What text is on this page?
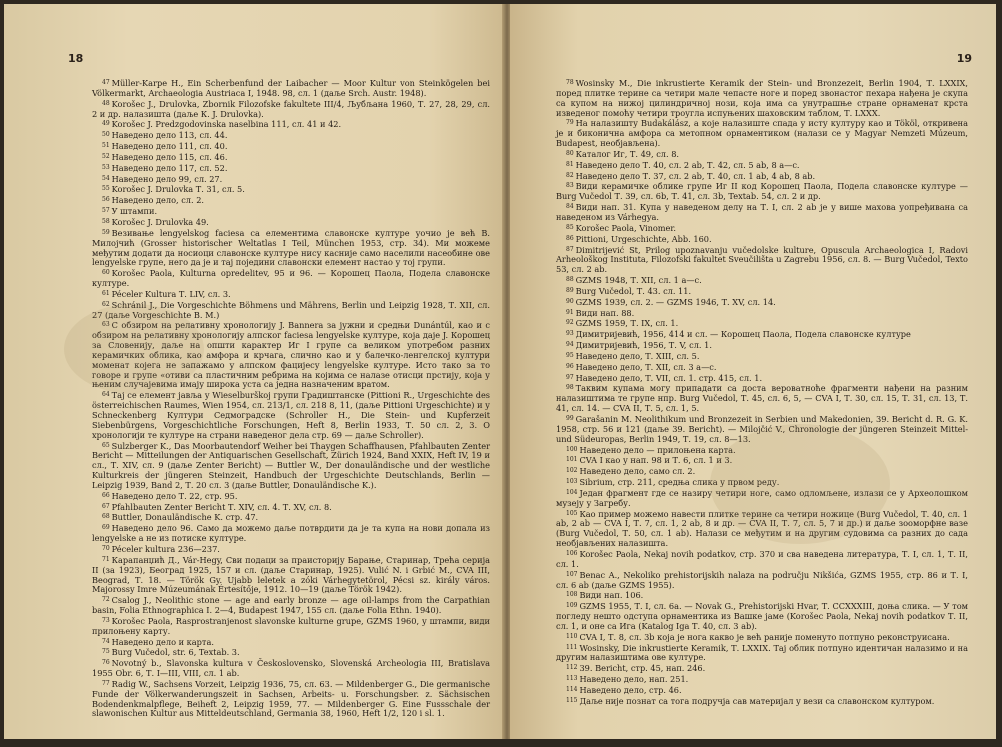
18

$^{47}$ Müller-Karpe H., Ein Scherbenfund der Laibacher — Moor Kultur von Steinkögelen bei Völkermarkt, Archaeologia Austriaca I, 1948. 98, сл. 1 (даље Srch. Austr. 1948).

$^{48}$ Korošec J., Drulovka, Zbornik Filozofske fakultete III/4, Љубљана 1960, Т. 27, 28, 29, сл. 2 и др. налазишта (даље К. J. Drulovka).

$^{49}$ Korošec J. Predzgodovinska naselbina 111, сл. 41 и 42.

$^{50}$ Наведено дело 113, сл. 44.

$^{51}$ Наведено дело 111, сл. 40.

$^{52}$ Наведено дело 115, сл. 46.

$^{53}$ Наведено дело 117, сл. 52.

$^{54}$ Наведено дело 99, сл. 27.

$^{55}$ Korošec J. Drulovka Т. 31, сл. 5.

$^{56}$ Наведено дело, сл. 2.

$^{57}$ У штампи.

$^{58}$ Korošec J. Drulovka 49.

$^{59}$ Везивање lengyelskog faciesa са елементима славонске културе уочио је већ В. Милојчић (Grosser historischer Weltatlas I Teil, München 1953, стр. 34). Ми можеме међутим додати да носиоци славонске културе нису касније само населили насеобине ове lengyelske групе, него да је и тај поједини славонски елемент настао у тој групи.

$^{60}$ Korošec Paola, Kulturna opredelitev, 95 и 96. — Корошец Паола, Подела славонске културе.

$^{61}$ Péceler Kultura Т. LIV, сл. 3.

$^{62}$ Schránil J., Die Vorgeschichte Böhmens und Mährens, Berlin und Leipzig 1928, Т. XII, сл. 27 (даље Vorgeschichte В. M.)

$^{63}$ С обзиром на релативну хронологију J. Bannera за јужни и средњи Dunántúl, као и с обзиром на релативну хронологију алпског faciesa lengyelske културе, која даје J. Корошец за Словенију, даље на општи карактер Иг I групе са великом употребом разних керамичких облика, као амфора и крчага, слично као и у балечко-ленгелској култури моменат којега не запажамо у алпском фацијесу lengyelske културе. Исто тако за то говоре и групе «отиви са пластичним ребрима на којима се налазе отисци прстију, која у њеним случајевима имају широка уста са једна назначеним вратом.

$^{64}$ Тај се елемент јавља у Wieselburškoj групи Градиштанске (Pittioni R., Urgeschichte des österreichischen Raumes, Wien 1954, сл. 213/1, сл. 218 8, 11, (даље Pittioni Urgeschichte) и у Schneckenberg Култури Седмоградске (Schroller H., Die Stein- und Kupferzeit Siebenbürgens, Vorgeschichtliche Forschungen, Heft 8, Berlin 1933, Т. 50 сл. 2, 3. О хронологији те културе на страни наведеног дела стр. 69 — даље Schroller).

$^{65}$ Sulzberger K., Das Moorbautendorf Weiher bei Thaygen Schaffhausen, Pfahlbauten Zenter Bericht — Mitteilungen der Antiquarischen Gesellschaft, Zürich 1924, Band XXIX, Heft IV, 19 и сл., Т. XIV, сл. 9 (даље Zenter Bericht) — Buttler W., Der donauländische und der westliche Kulturkreis der jüngeren Steinzeit, Handbuch der Urgeschichte Deutschlands, Berlin — Leipzig 1939, Band 2, Т. 20 сл. 3 (даље Buttler, Donauländische K.).

$^{66}$ Наведено дело Т. 22, стр. 95.

$^{67}$ Pfahlbauten Zenter Bericht Т. XIV, сл. 4. Т. XV, сл. 8.

$^{68}$ Buttler, Donauländische K. стр. 47.

$^{69}$ Наведено дело 96. Само да можемо даље потврдити да је та купа на нови допала из lengyelske а не из потиске културе.

$^{70}$ Péceler kultura 236—237.

$^{71}$ Карапанџић Д., Vár-Hegy, Сви подаци за праисторију Барање, Старинар, Трећа серија II (за 1923), Београд 1925, 157 и сл. (даље Старинар, 1925). Vulić N. i Grbić M., CVA III, Beograd, Т. 18. — Török Gy. Ujabb leletek a zóki Várhegytetörol, Pécsi sz. király város. Majorossy Imre Múzeumának Értesítője, 1912. 10—19 (даље Török 1942).

$^{72}$ Csalog J., Neolithic stone — age and early bronze — age oil-lamps from the Carpathian basin, Folia Ethnographica I. 2—4, Budapest 1947, 155 сл. (даље Folia Ethn. 1940).

$^{73}$ Korošec Paola, Rasprostranjenost slavonske kulturne grupe, GZMS 1960, у штампи, види прилоњену карту.

$^{74}$ Наведено дело и карта.

$^{75}$ Burg Vučedol, str. 6, Textab. 3.

$^{76}$ Novotný b., Slavonska kultura v Československo, Slovenská Archeologia III, Bratislava 1955 Obr. 6, Т. I—III, VIII, сл. 1 ab.

$^{77}$ Radig W., Sachsens Vorzeit, Leipzig 1936, 75, сл. 63. — Mildenberger G., Die germanische Funde der Völkerwanderungszeit in Sachsen, Arbeits- u. Forschungsber. z. Sächsischen Bodendenkmalpflege, Beiheft 2, Leipzig 1959, 77. — Mildenberger G. Eine Fussschale der slawonischen Kultur aus Mitteldeutschland, Germania 38, 1960, Heft 1/2, 120 i sl. 1.

19

$^{78}$ Wosinsky M., Die inkrustierte Keramik der Stein- und Bronzezeit, Berlin 1904, Т. LXXIX, поред плитке терине са четири мале чепасте ноге и поред звонастог пехара нађена је скупа са купом на нижој цилиндричној нози, која има са унутрашње стране орнаменат крста изведеног помоћу четири троугла испуњених шаховским таблом, Т. LXXX.

$^{79}$ На налазишту Budakálász, а које налазиште спада у исту културу као и Tököl, откривена је и биконична амфора са метопном орнаментиком (налази се у Magyar Nemzeti Múzeum, Budapest, необјављена).

$^{80}$ Каталог Иг, Т. 49, сл. 8.

$^{81}$ Наведено дело Т. 40, сл. 2 ab, Т. 42, сл. 5 ab, 8 а—с.

$^{82}$ Наведено дело Т. 37, сл. 2 ab, Т. 40, сл. 1 ab, 4 ab, 8 ab.

$^{83}$ Види керамичке облике групе Иг II код Корошец Паола, Подела славонске културе — Burg Vučedol Т. 39, сл. 6b, Т. 41, сл. 3b, Textab. 54, сл. 2 и др.

$^{84}$ Види нап. 31. Купа у наведеном делу на Т. I, сл. 2 ab је у више махова уопређивана са наведеном из Várhegya.

$^{85}$ Korošec Paola, Vinomer.

$^{86}$ Pittioni, Urgeschichte, Abb. 160.

$^{87}$ Dimitrijević St, Prilog upoznavanju vučedolske kulture, Opuscula Archaeologica I, Radovi Arheološkog Instituta, Filozofski fakultet Sveučilišta u Zagrebu 1956, сл. 8. — Burg Vučedol, Texto 53, сл. 2 ab.

$^{88}$ GZMS 1948, Т. XII, сл. 1 а—с.

$^{89}$ Burg Vučedol, Т. 43. сл. 11.

$^{90}$ GZMS 1939, сл. 2. — GZMS 1946, Т. XV, сл. 14.

$^{91}$ Види нап. 88.

$^{92}$ GZMS 1959, Т. IX, сл. 1.

$^{93}$ Димитријевић, 1956, 414 и сл. — Корошец Паола, Подела славонске културе

$^{94}$ Димитријевић, 1956, Т. V, сл. 1.

$^{95}$ Наведено дело, Т. XIII, сл. 5.

$^{96}$ Наведено дело, Т. XII, сл. 3 а—с.

$^{97}$ Наведено дело, Т. VII, сл. 1. стр. 415, сл. 1.

$^{98}$ Таквим купама могу припадати са доста вероватноће фрагменти нађени на разним налазиштима те групе нпр. Burg Vučedol, Т. 45, сл. 6, 5, — CVA I, Т. 30, сл. 15, Т. 31, сл. 13, Т. 41, сл. 14. — CVA II, Т. 5, сл. 1, 5.

$^{99}$ Garašanin M. Neolithikum und Bronzezeit in Serbien und Makedonien, 39. Bericht d. R. G. K. 1958, стр. 56 и 121 (даље 39. Bericht). — Milojčić V., Chronologie der jüngeren Steinzeit Mittel- und Südeuropas, Berlin 1949, Т. 19, сл. 8—13.

$^{100}$ Наведено дело — прилоњена карта.

$^{101}$ CVA I као у нап. 98 и Т. 6, сл. 1 и 3.

$^{102}$ Наведено дело, само сл. 2.

$^{103}$ Sibrium, стр. 211, средња слика у првом реду.

$^{104}$ Један фрагмент где се назиру четири ноге, само одломљене, излази се у Археолошком музеју у Загребу.

$^{105}$ Као пример можемо навести плитке терине са четири ножице (Burg Vučedol, Т. 40, сл. 1 ab, 2 ab — CVA I, Т. 7, сл. 1, 2 ab, 8 и др. — CVA II, Т. 7, сл. 5, 7 и др.) и даље зооморфне вазе (Burg Vučedol, Т. 50, сл. 1 ab). Налази се међутим и на другим судовима са разних до сада необјављених налазишта.

$^{106}$ Korošec Paola, Nekaj novih podatkov, стр. 370 и сва наведена литература, Т. I, сл. 1, Т. II, сл. 1.

$^{107}$ Benac A., Nekoliko prehistorijskih nalaza na području Nikšića, GZMS 1955, стр. 86 и Т. I, сл. 6 ab (даље GZMS 1955).

$^{108}$ Види нап. 106.

$^{109}$ GZMS 1955, Т. I, сл. 6а. — Novak G., Prehistorijski Hvar, Т. CCXXXIII, доња слика. — У том погледу нешто одступа орнаментика из Вашке јаме (Korošec Paola, Nekaj novih podatkov Т. II, сл. 1, и оне са Ига (Katalog Iga Т. 40, сл. 3 ab).

$^{110}$ CVA I, Т. 8, сл. 3b која је нога какво је већ раније поменуто потпуно реконструисана.

$^{111}$ Wosinsky, Die inkrustierte Keramik, Т. LXXIX. Тај облик потпуно идентичан налазимо и на другим налазиштима ове културе.

$^{112}$ 39. Bericht, стр. 45, нап. 246.

$^{113}$ Наведено дело, нап. 251.

$^{114}$ Наведено дело, стр. 46.

$^{115}$ Даље није познат са тога подручја сав материјал у вези са славонском културом.
